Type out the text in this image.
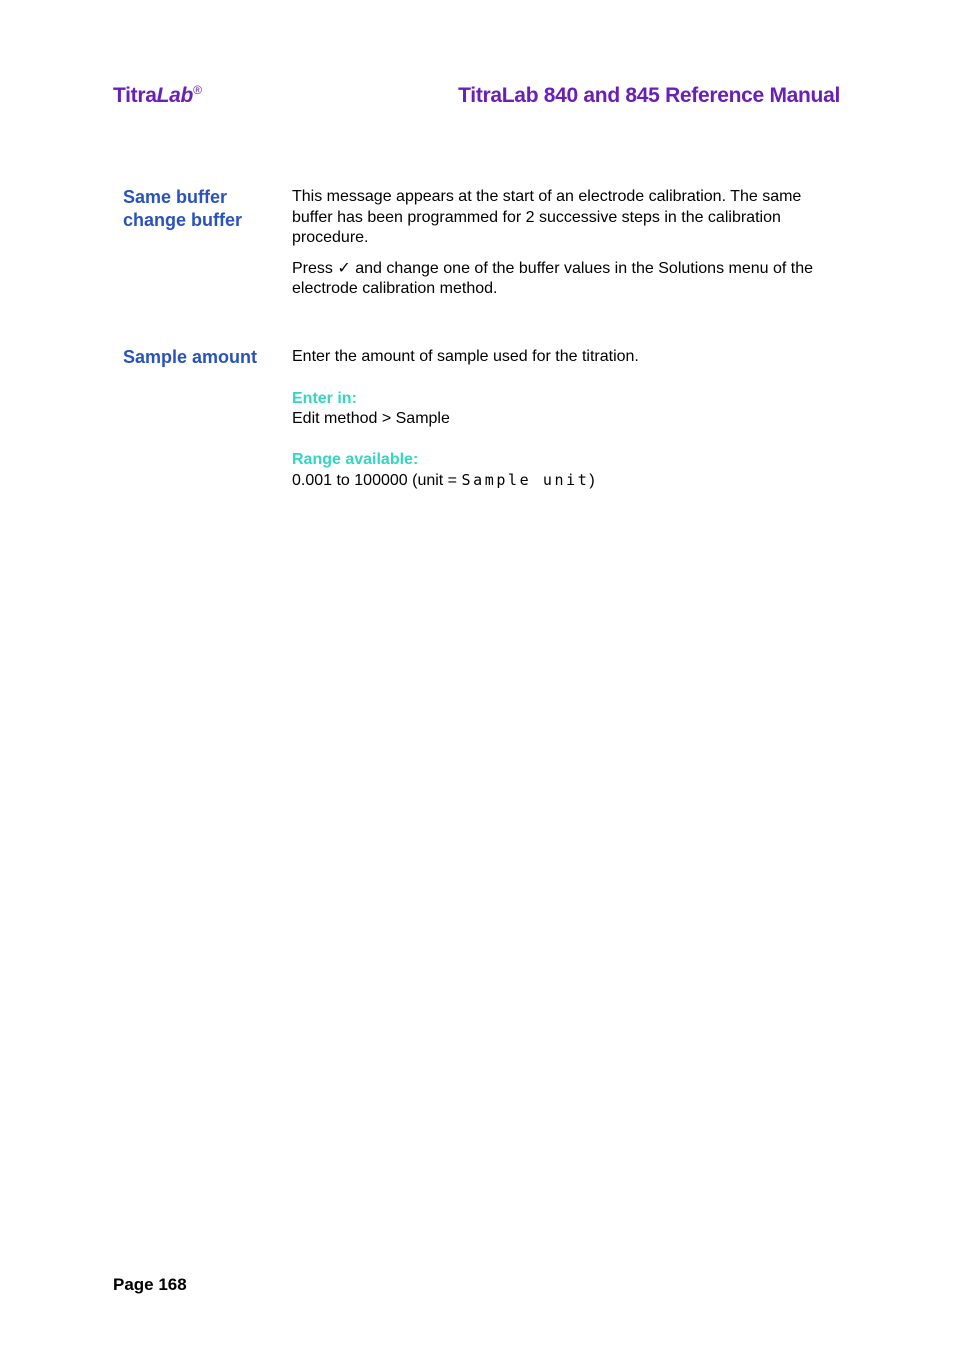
TitraLab®	TitraLab 840 and 845 Reference Manual
Same buffer
change buffer

This message appears at the start of an electrode calibration. The same buffer has been programmed for 2 successive steps in the calibration procedure.

Press ✓ and change one of the buffer values in the Solutions menu of the electrode calibration method.

Sample amount	Enter the amount of sample used for the titration.

Enter in:
Edit method > Sample
Range available:
0.001 to 100000 (unit = Sample unit)
Page 168
